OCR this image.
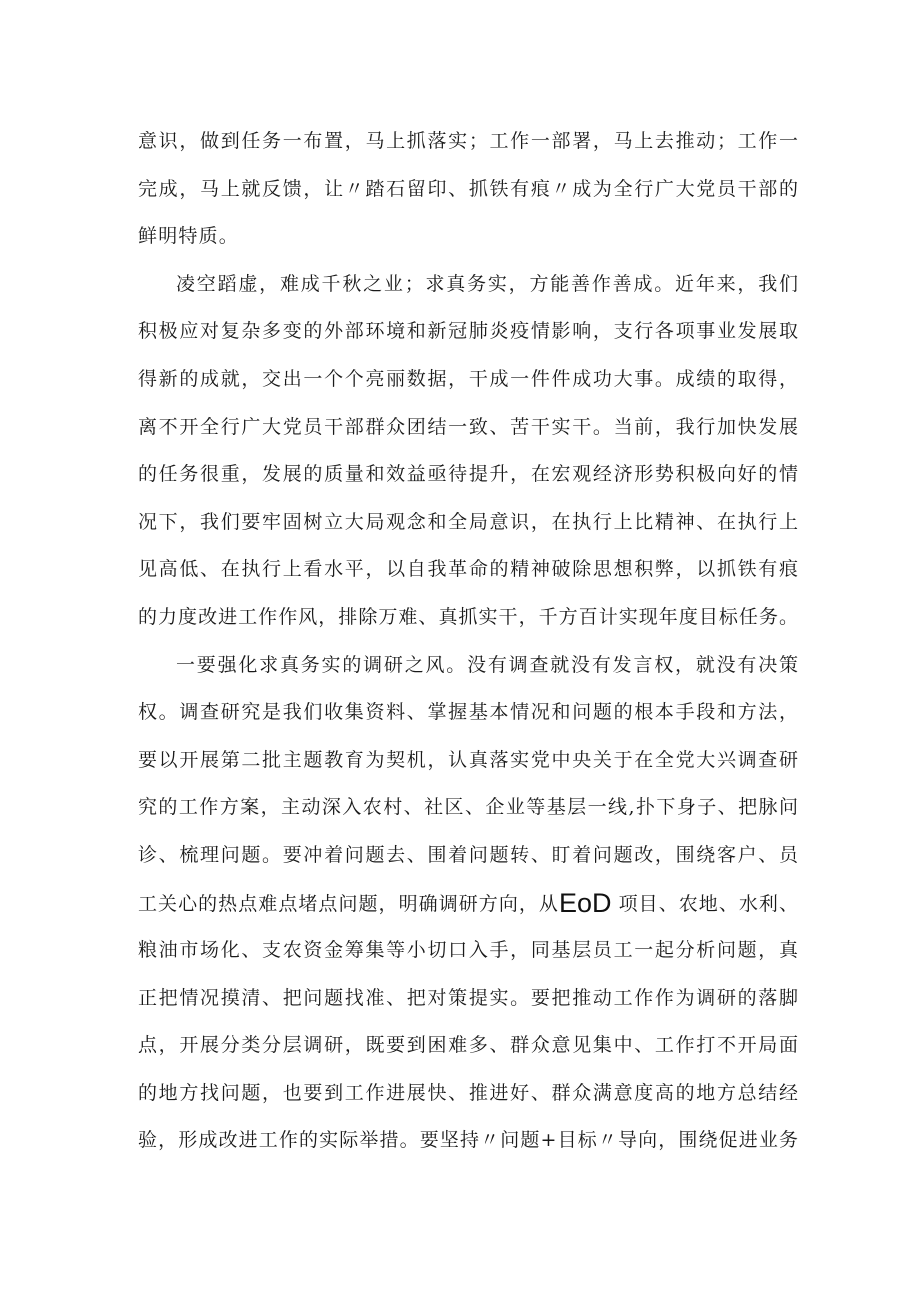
意识，做到任务一布置，马上抓落实；工作一部署，马上去推动；工作一
完成，马上就反馈，让〃踏石留印、抓铁有痕〃成为全行广大党员干部的
鲜明特质。
凌空蹈虚，难成千秋之业；求真务实，方能善作善成。近年来，我们
积极应对复杂多变的外部环境和新冠肺炎疫情影响，支行各项事业发展取
得新的成就，交出一个个亮丽数据，干成一件件成功大事。成绩的取得，
离不开全行广大党员干部群众团结一致、苦干实干。当前，我行加快发展
的任务很重，发展的质量和效益亟待提升，在宏观经济形势积极向好的情
况下，我们要牢固树立大局观念和全局意识，在执行上比精神、在执行上
见高低、在执行上看水平，以自我革命的精神破除思想积弊，以抓铁有痕
的力度改进工作作风，排除万难、真抓实干，千方百计实现年度目标任务。
一要强化求真务实的调研之风。没有调查就没有发言权，就没有决策
权。调查研究是我们收集资料、掌握基本情况和问题的根本手段和方法，
要以开展第二批主题教育为契机，认真落实党中央关于在全党大兴调查研
究的工作方案，主动深入农村、社区、企业等基层一线,扑下身子、把脉问
诊、梳理问题。要冲着问题去、围着问题转、盯着问题改，围绕客户、员
工关心的热点难点堵点问题，明确调研方向，从EoD 项目、农地、水利、
粮油市场化、支农资金筹集等小切口入手，同基层员工一起分析问题，真
正把情况摸清、把问题找准、把对策提实。要把推动工作作为调研的落脚
点，开展分类分层调研，既要到困难多、群众意见集中、工作打不开局面
的地方找问题，也要到工作进展快、推进好、群众满意度高的地方总结经
验，形成改进工作的实际举措。要坚持〃问题+目标〃导向，围绕促进业务
